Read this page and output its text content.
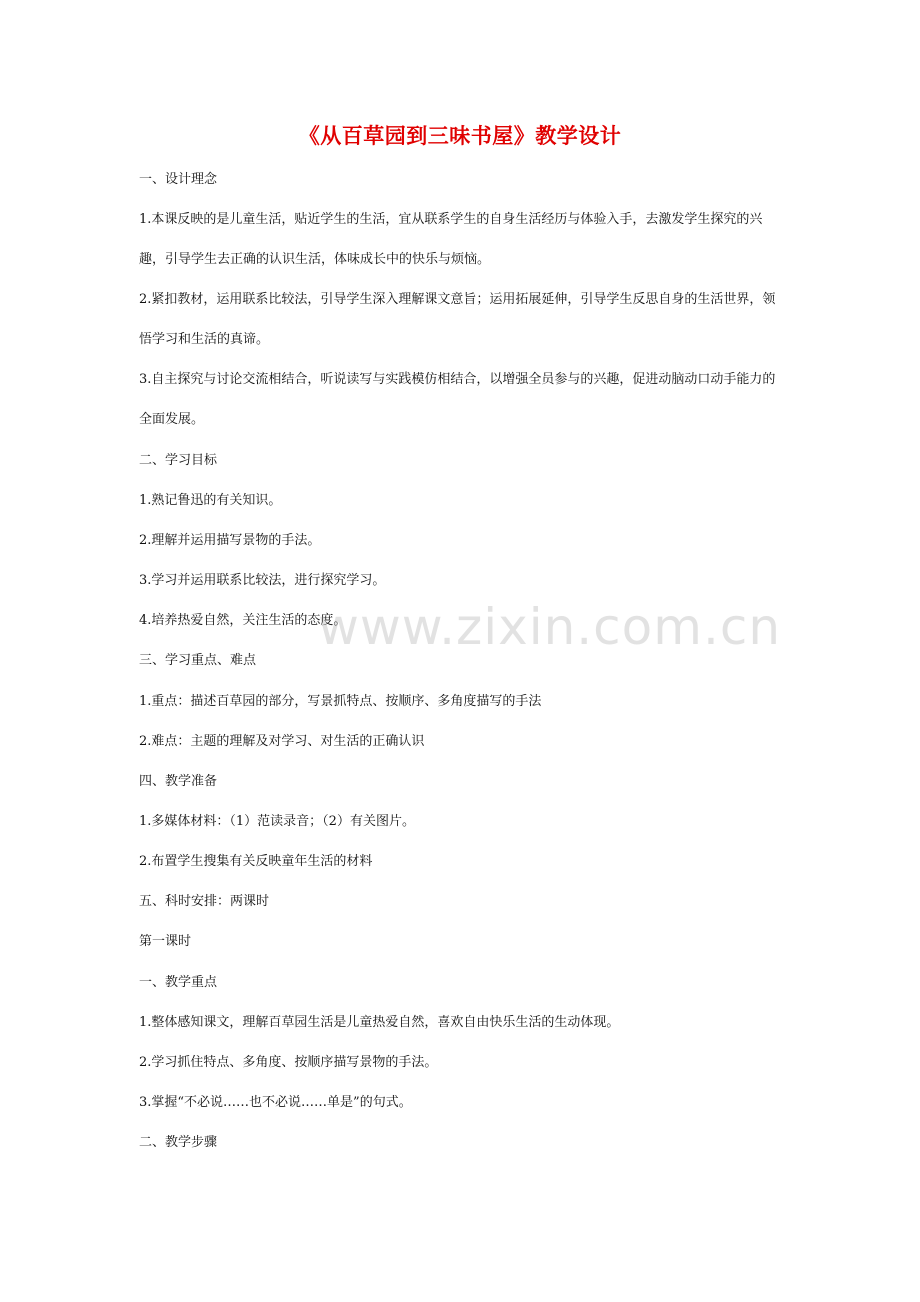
《从百草园到三味书屋》教学设计

一、设计理念

1.本课反映的是儿童生活，贴近学生的生活，宜从联系学生的自身生活经历与体验入手，去激发学生探究的兴趣，引导学生去正确的认识生活，体味成长中的快乐与烦恼。

2.紧扣教材，运用联系比较法，引导学生深入理解课文意旨；运用拓展延伸，引导学生反思自身的生活世界，领悟学习和生活的真谛。

3.自主探究与讨论交流相结合，听说读写与实践模仿相结合，以增强全员参与的兴趣，促进动脑动口动手能力的全面发展。

二、学习目标

1.熟记鲁迅的有关知识。

2.理解并运用描写景物的手法。

3.学习并运用联系比较法，进行探究学习。

4.培养热爱自然，关注生活的态度。

三、学习重点、难点

1.重点：描述百草园的部分，写景抓特点、按顺序、多角度描写的手法

2.难点：主题的理解及对学习、对生活的正确认识

四、教学准备

1.多媒体材料：（1）范读录音；（2）有关图片。

2.布置学生搜集有关反映童年生活的材料

五、科时安排：两课时

第一课时

一、教学重点

1.整体感知课文，理解百草园生活是儿童热爱自然，喜欢自由快乐生活的生动体现。

2.学习抓住特点、多角度、按顺序描写景物的手法。

3.掌握“不必说……也不必说……单是”的句式。

二、教学步骤

www.zixin.com.cn
